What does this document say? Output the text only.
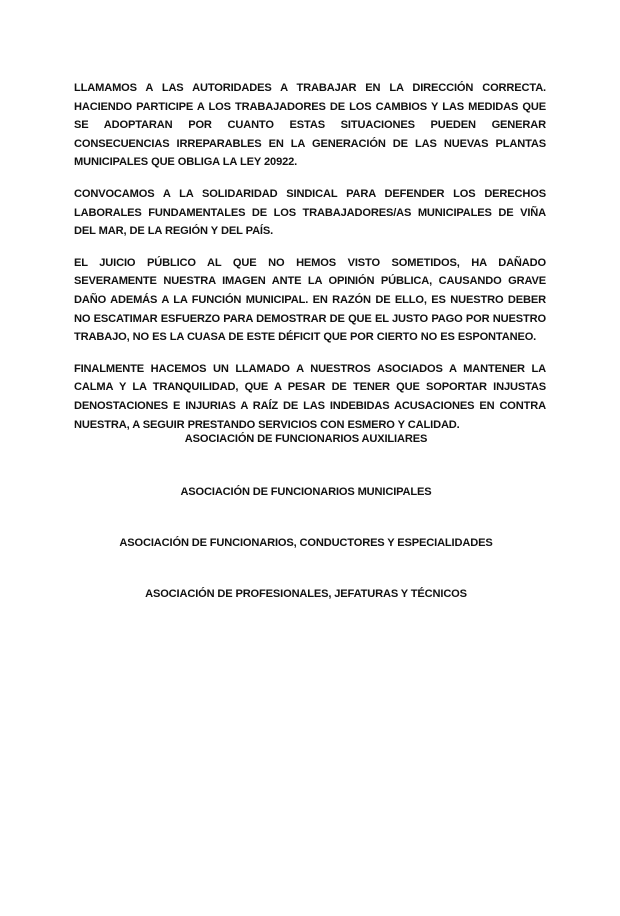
LLAMAMOS A LAS AUTORIDADES A TRABAJAR EN LA DIRECCIÓN CORRECTA. HACIENDO PARTICIPE A LOS TRABAJADORES DE LOS CAMBIOS Y LAS MEDIDAS QUE SE ADOPTARAN POR CUANTO ESTAS SITUACIONES PUEDEN GENERAR CONSECUENCIAS IRREPARABLES EN LA GENERACIÓN DE LAS NUEVAS PLANTAS MUNICIPALES QUE OBLIGA LA LEY 20922.

CONVOCAMOS A LA SOLIDARIDAD SINDICAL PARA DEFENDER LOS DERECHOS LABORALES FUNDAMENTALES DE LOS TRABAJADORES/AS MUNICIPALES DE VIÑA DEL MAR, DE LA REGIÓN Y DEL PAÍS.

EL JUICIO PÚBLICO AL QUE NO HEMOS VISTO SOMETIDOS, HA DAÑADO SEVERAMENTE NUESTRA IMAGEN ANTE LA OPINIÓN PÚBLICA, CAUSANDO GRAVE DAÑO ADEMÁS A LA FUNCIÓN MUNICIPAL. EN RAZÓN DE ELLO, ES NUESTRO DEBER NO ESCATIMAR ESFUERZO PARA DEMOSTRAR DE QUE EL JUSTO PAGO POR NUESTRO TRABAJO, NO ES LA CUASA DE ESTE DÉFICIT QUE POR CIERTO NO ES ESPONTANEO.

FINALMENTE HACEMOS UN LLAMADO A NUESTROS ASOCIADOS A MANTENER LA CALMA Y LA TRANQUILIDAD, QUE A PESAR DE TENER QUE SOPORTAR INJUSTAS DENOSTACIONES E INJURIAS A RAÍZ DE LAS INDEBIDAS ACUSACIONES EN CONTRA NUESTRA, A SEGUIR PRESTANDO SERVICIOS CON ESMERO Y CALIDAD.

ASOCIACIÓN DE FUNCIONARIOS AUXILIARES

ASOCIACIÓN DE FUNCIONARIOS MUNICIPALES

ASOCIACIÓN DE FUNCIONARIOS, CONDUCTORES Y ESPECIALIDADES

ASOCIACIÓN DE PROFESIONALES, JEFATURAS Y TÉCNICOS
